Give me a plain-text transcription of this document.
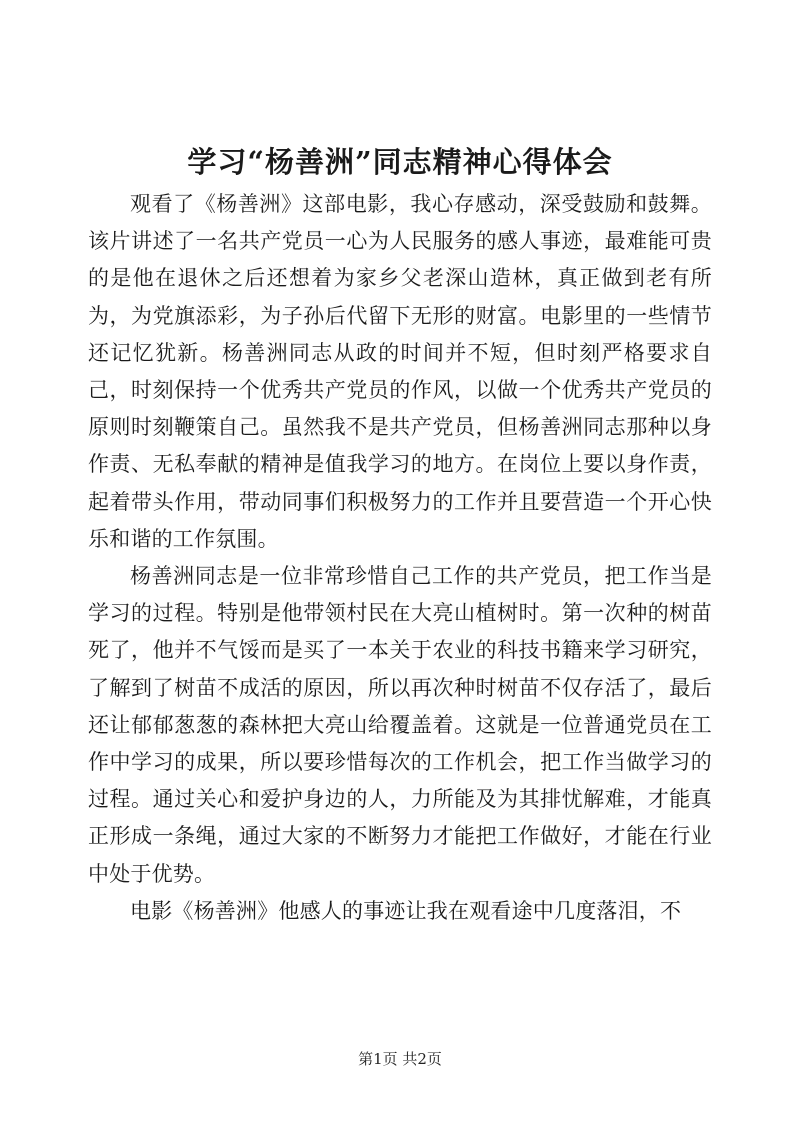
学习“杨善洲”同志精神心得体会

观看了《杨善洲》这部电影，我心存感动，深受鼓励和鼓舞。该片讲述了一名共产党员一心为人民服务的感人事迹，最难能可贵的是他在退休之后还想着为家乡父老深山造林，真正做到老有所为，为党旗添彩，为子孙后代留下无形的财富。电影里的一些情节还记忆犹新。杨善洲同志从政的时间并不短，但时刻严格要求自己，时刻保持一个优秀共产党员的作风，以做一个优秀共产党员的原则时刻鞭策自己。虽然我不是共产党员，但杨善洲同志那种以身作责、无私奉献的精神是值我学习的地方。在岗位上要以身作责，起着带头作用，带动同事们积极努力的工作并且要营造一个开心快乐和谐的工作氛围。

杨善洲同志是一位非常珍惜自己工作的共产党员，把工作当是学习的过程。特别是他带领村民在大亮山植树时。第一次种的树苗死了，他并不气馁而是买了一本关于农业的科技书籍来学习研究，了解到了树苗不成活的原因，所以再次种时树苗不仅存活了，最后还让郁郁葱葱的森林把大亮山给覆盖着。这就是一位普通党员在工作中学习的成果，所以要珍惜每次的工作机会，把工作当做学习的过程。通过关心和爱护身边的人，力所能及为其排忧解难，才能真正形成一条绳，通过大家的不断努力才能把工作做好，才能在行业中处于优势。

电影《杨善洲》他感人的事迹让我在观看途中几度落泪，不

第1页 共2页
